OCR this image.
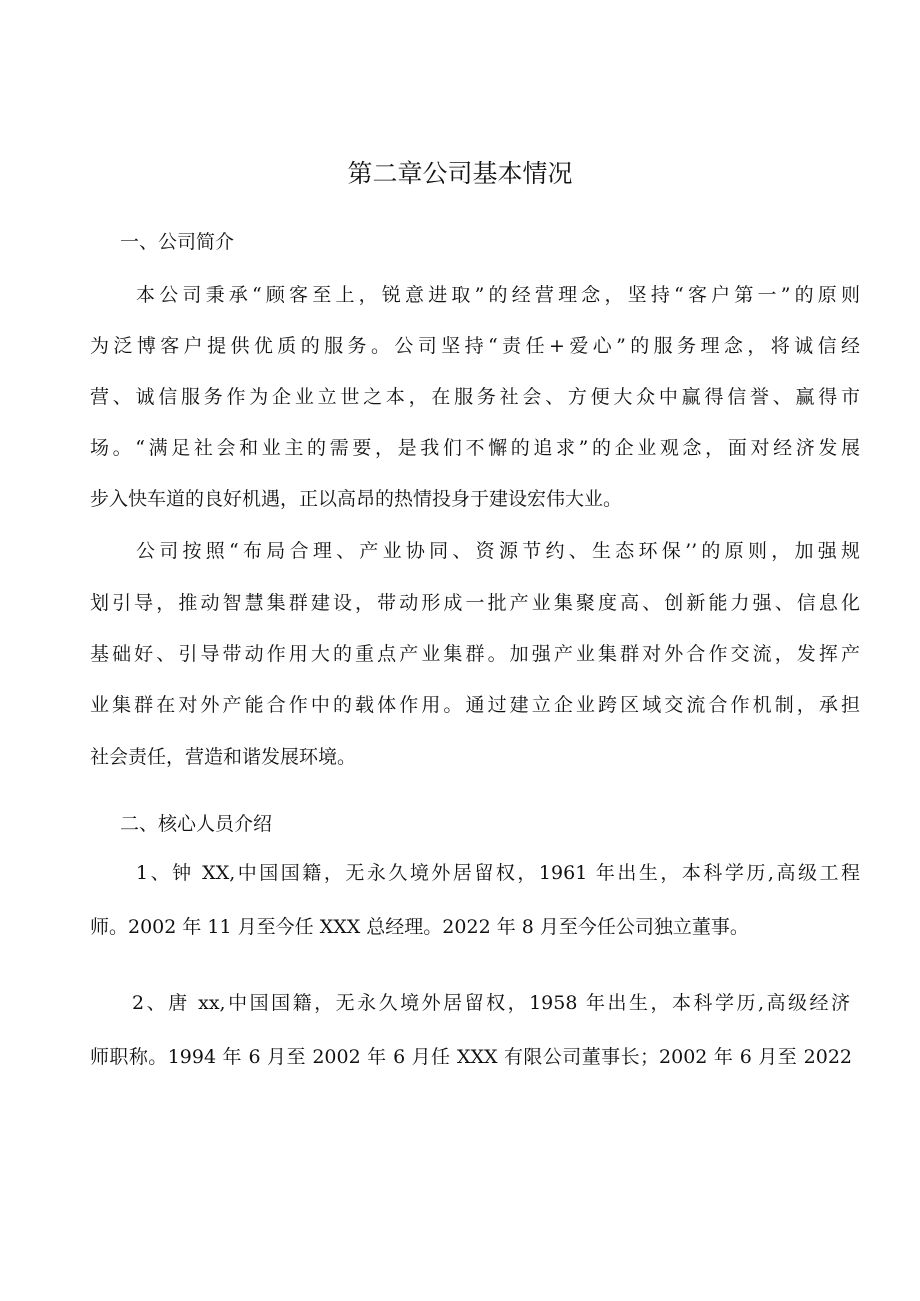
第二章公司基本情况
一、公司简介

本公司秉承“顾客至上，锐意进取”的经营理念，坚持“客户第一”的原则

为泛博客户提供优质的服务。公司坚持“责任+爱心”的服务理念，将诚信经

营、诚信服务作为企业立世之本，在服务社会、方便大众中赢得信誉、赢得市

场。“满足社会和业主的需要，是我们不懈的追求”的企业观念，面对经济发展

步入快车道的良好机遇，正以高昂的热情投身于建设宏伟大业。

公司按照“布局合理、产业协同、资源节约、生态环保’’的原则，加强规

划引导，推动智慧集群建设，带动形成一批产业集聚度高、创新能力强、信息化

基础好、引导带动作用大的重点产业集群。加强产业集群对外合作交流，发挥产

业集群在对外产能合作中的载体作用。通过建立企业跨区域交流合作机制，承担

社会责任，营造和谐发展环境。

二、核心人员介绍

1、钟 XX,中国国籍，无永久境外居留权，1961 年出生，本科学历,高级工程

师。2002 年 11 月至今任 XXX 总经理。2022 年 8 月至今任公司独立董事。

2、唐 xx,中国国籍，无永久境外居留权，1958 年出生，本科学历,高级经济

师职称。1994 年 6 月至 2002 年 6 月任 XXX 有限公司董事长；2002 年 6 月至 2022
